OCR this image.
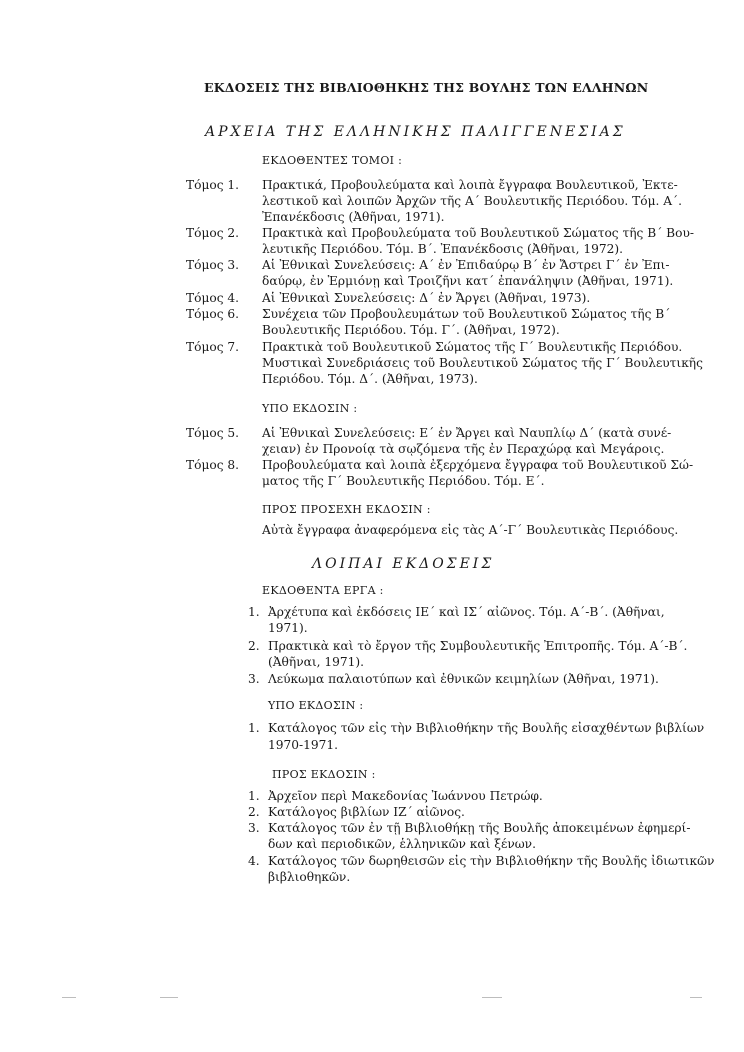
ΕΚΔΟΣΕΙΣ ΤΗΣ ΒΙΒΛΙΟΘΗΚΗΣ ΤΗΣ ΒΟΥΛΗΣ ΤΩΝ ΕΛΛΗΝΩΝ
ΑΡΧΕΙΑ ΤΗΣ ΕΛΛΗΝΙΚΗΣ ΠΑΛΙΓΓΕΝΕΣΙΑΣ
ΕΚΔΟΘΕΝΤΕΣ ΤΟΜΟΙ :
Τόμος 1. Πρακτικά, Προβουλεύματα καὶ λοιπὰ ἔγγραφα Βουλευτικοῦ, Ἐκτε-
λεστικοῦ καὶ λοιπῶν Ἀρχῶν τῆς Α΄ Βουλευτικῆς Περιόδου. Τόμ. Α΄.
Ἐπανέκδοσις (Ἀθῆναι, 1971).
Τόμος 2. Πρακτικὰ καὶ Προβουλεύματα τοῦ Βουλευτικοῦ Σώματος τῆς Β΄ Βου-
λευτικῆς Περιόδου. Τόμ. Β΄. Ἐπανέκδοσις (Ἀθῆναι, 1972).
Τόμος 3. Αἱ Ἐθνικαὶ Συνελεύσεις: Α΄ ἐν Ἐπιδαύρῳ Β΄ ἐν Ἄστρει Γ΄ ἐν Ἐπι-
δαύρῳ, ἐν Ἑρμιόνῃ καὶ Τροιζῆνι κατ΄ ἐπανάληψιν (Ἀθῆναι, 1971).
Τόμος 4. Αἱ Ἐθνικαὶ Συνελεύσεις: Δ΄ ἐν Ἄργει (Ἀθῆναι, 1973).
Τόμος 6. Συνέχεια τῶν Προβουλευμάτων τοῦ Βουλευτικοῦ Σώματος τῆς Β΄
Βουλευτικῆς Περιόδου. Τόμ. Γ΄. (Ἀθῆναι, 1972).
Τόμος 7. Πρακτικὰ τοῦ Βουλευτικοῦ Σώματος τῆς Γ΄ Βουλευτικῆς Περιόδου.
Μυστικαὶ Συνεδριάσεις τοῦ Βουλευτικοῦ Σώματος τῆς Γ΄ Βουλευτικῆς
Περιόδου. Τόμ. Δ΄. (Ἀθῆναι, 1973).
ΥΠΟ ΕΚΔΟΣΙΝ :
Τόμος 5. Αἱ Ἐθνικαὶ Συνελεύσεις: Ε΄ ἐν Ἄργει καὶ Ναυπλίῳ Δ΄ (κατὰ συνέ-
χειαν) ἐν Πρoνοίᾳ τὰ σῳζόμενα τῆς ἐν Περαχώρᾳ καὶ Μεγάροις.
Τόμος 8. Προβουλεύματα καὶ λοιπὰ ἐξερχόμενα ἔγγραφα τοῦ Βουλευτικοῦ Σώ-
ματος τῆς Γ΄ Βουλευτικῆς Περιόδου. Τόμ. Ε΄.
ΠΡΟΣ ΠΡΟΣΕΧΗ ΕΚΔΟΣΙΝ :
Αὐτὰ ἔγγραφα ἀναφερόμενα εἰς τὰς Α΄-Γ΄ Βουλευτικὰς Περιόδους.
ΛΟΙΠΑΙ ΕΚΔΟΣΕΙΣ
ΕΚΔΟΘΕΝΤΑ ΕΡΓΑ :
1. Ἀρχέτυπα καὶ ἐκδόσεις ΙΕ΄ καὶ ΙΣ΄ αἰῶνος. Τόμ. Α΄-Β΄. (Ἀθῆναι,
1971).
2. Πρακτικὰ καὶ τὸ ἔργον τῆς Συμβουλευτικῆς Ἐπιτροπῆς. Τόμ. Α΄-Β΄.
(Ἀθῆναι, 1971).
3. Λεύκωμα παλαιοτύπων καὶ ἐθνικῶν κειμηλίων (Ἀθῆναι, 1971).
ΥΠΟ ΕΚΔΟΣΙΝ :
1. Κατάλογος τῶν εἰς τὴν Βιβλιοθήκην τῆς Βουλῆς εἰσαχθέντων βιβλίων
1970-1971.
ΠΡΟΣ ΕΚΔΟΣΙΝ :
1. Ἀρχεῖον περὶ Μακεδονίας Ἰωάννου Πετρώφ.
2. Κατάλογος βιβλίων ΙΖ΄ αἰῶνος.
3. Κατάλογος τῶν ἐν τῇ Βιβλιοθήκῃ τῆς Βουλῆς ἀποκειμένων ἐφημερί-
δων καὶ περιοδικῶν, ἑλληνικῶν καὶ ξένων.
4. Κατάλογος τῶν δωρηθεισῶν εἰς τὴν Βιβλιοθήκην τῆς Βουλῆς ἰδιωτικῶν
βιβλιοθηκῶν.
